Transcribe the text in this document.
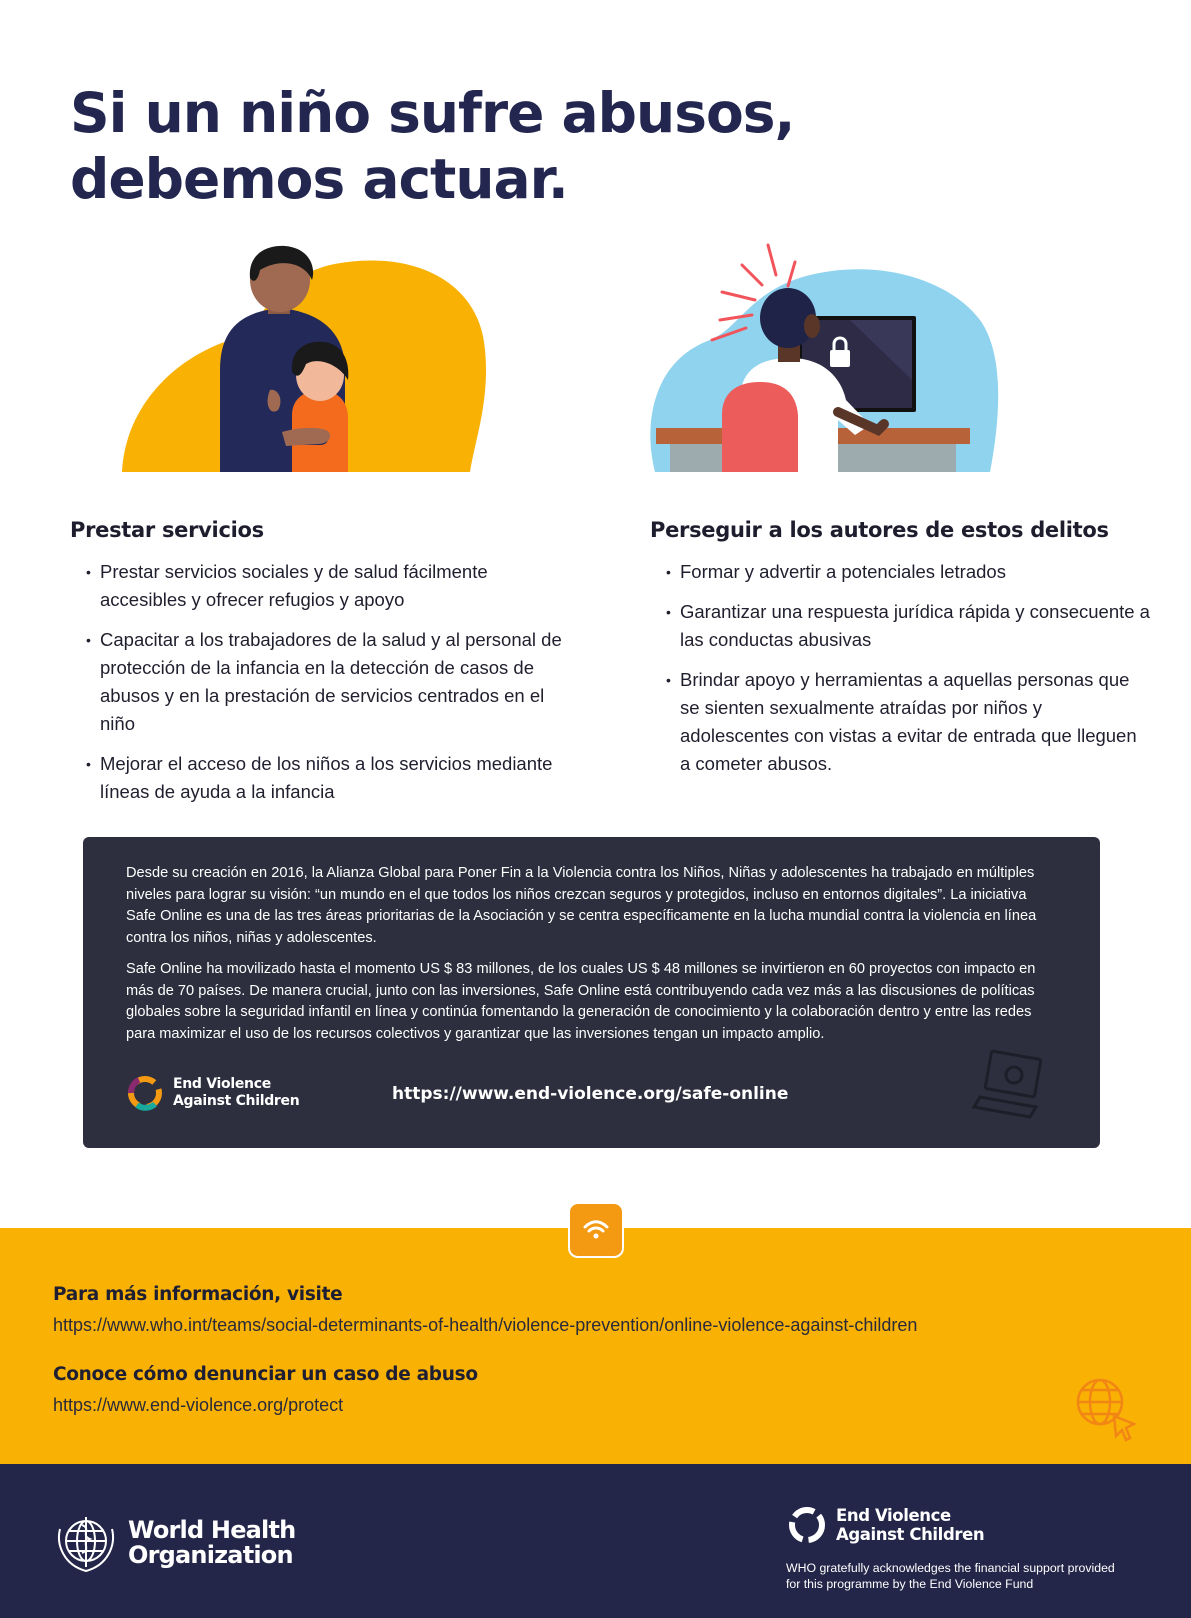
Si un niño sufre abusos,
debemos actuar.
Prestar servicios
• Prestar servicios sociales y de salud fácilmente accesibles y ofrecer refugios y apoyo
• Capacitar a los trabajadores de la salud y al personal de protección de la infancia en la detección de casos de abusos y en la prestación de servicios centrados en el niño
• Mejorar el acceso de los niños a los servicios mediante líneas de ayuda a la infancia
Perseguir a los autores de estos delitos
• Formar y advertir a potenciales letrados
• Garantizar una respuesta jurídica rápida y consecuente a las conductas abusivas
• Brindar apoyo y herramientas a aquellas personas que se sienten sexualmente atraídas por niños y adolescentes con vistas a evitar de entrada que lleguen a cometer abusos.

Desde su creación en 2016, la Alianza Global para Poner Fin a la Violencia contra los Niños, Niñas y adolescentes ha trabajado en múltiples niveles para lograr su visión: “un mundo en el que todos los niños crezcan seguros y protegidos, incluso en entornos digitales”. La iniciativa Safe Online es una de las tres áreas prioritarias de la Asociación y se centra específicamente en la lucha mundial contra la violencia en línea contra los niños, niñas y adolescentes.

Safe Online ha movilizado hasta el momento US $ 83 millones, de los cuales US $ 48 millones se invirtieron en 60 proyectos con impacto en más de 70 países. De manera crucial, junto con las inversiones, Safe Online está contribuyendo cada vez más a las discusiones de políticas globales sobre la seguridad infantil en línea y continúa fomentando la generación de conocimiento y la colaboración dentro y entre las redes para maximizar el uso de los recursos colectivos y garantizar que las inversiones tengan un impacto amplio.

End Violence
Against Children	https://www.end-violence.org/safe-online
Para más información, visite
https://www.who.int/teams/social-determinants-of-health/violence-prevention/online-violence-against-children
Conoce cómo denunciar un caso de abuso
https://www.end-violence.org/protect
World Health
Organization
End Violence
Against Children
WHO gratefully acknowledges the financial support provided for this programme by the End Violence Fund
